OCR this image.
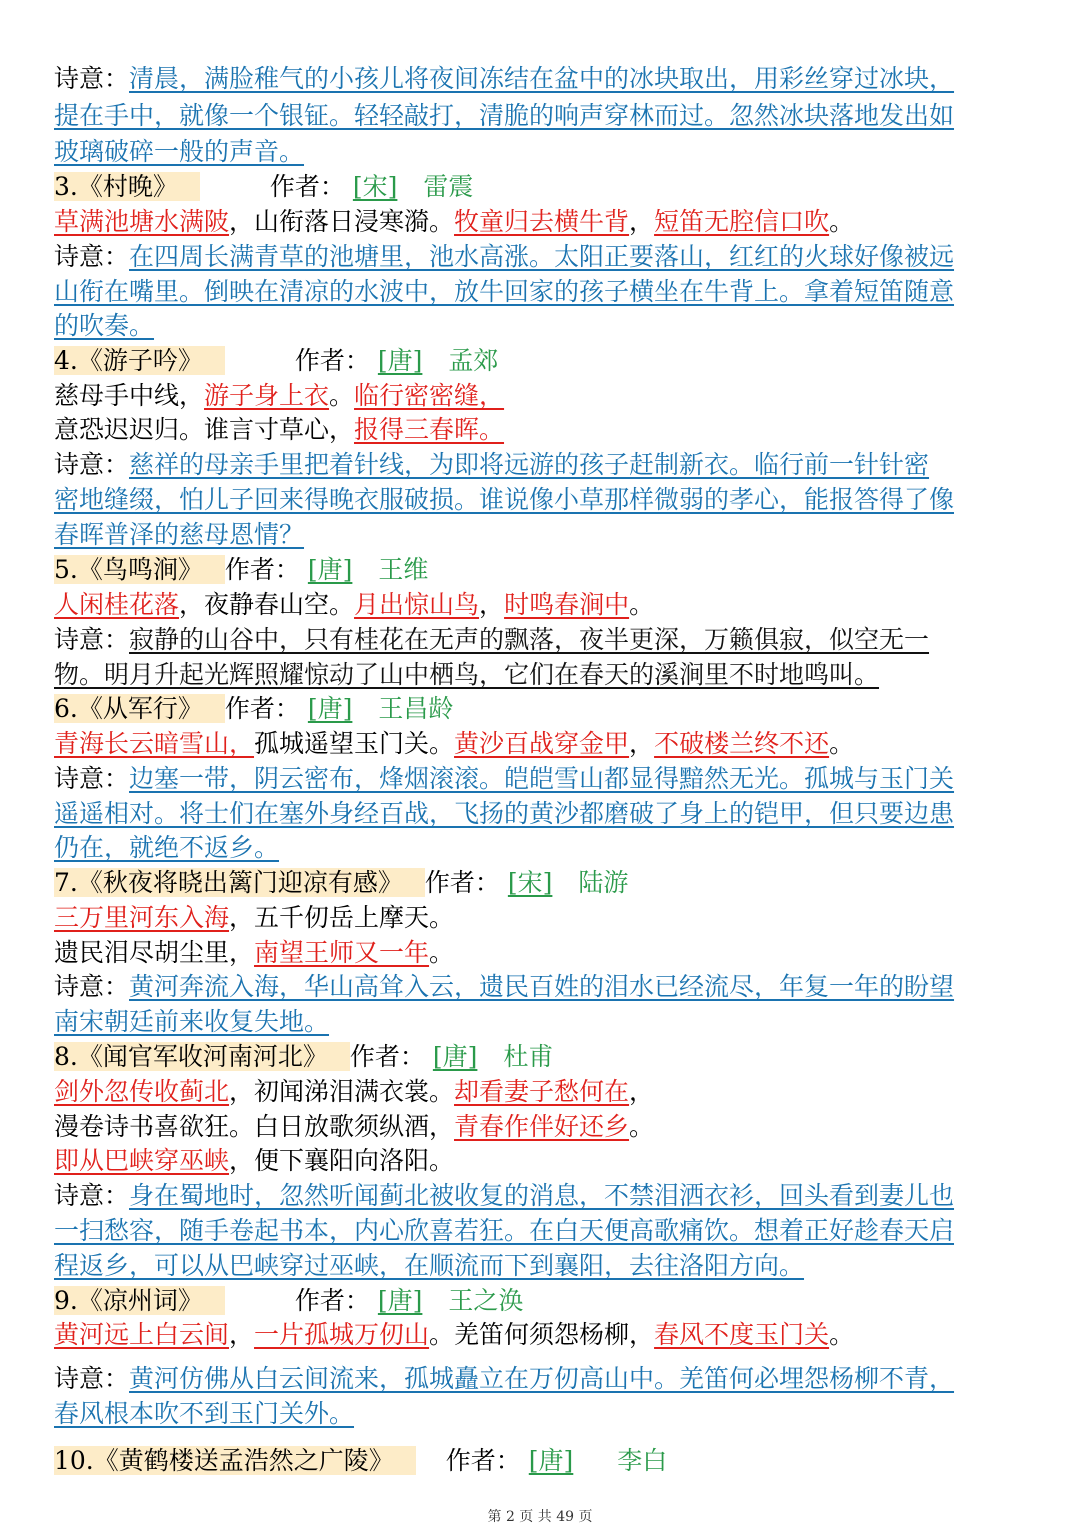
诗意：清晨，满脸稚气的小孩儿将夜间冻结在盆中的冰块取出，用彩丝穿过冰块，
提在手中，就像一个银钲。轻轻敲打，清脆的响声穿林而过。忽然冰块落地发出如
玻璃破碎一般的声音。
3.《村晚》	作者： [宋] 雷震
草满池塘水满陂，山衔落日浸寒漪。牧童归去横牛背，短笛无腔信口吹。
诗意：在四周长满青草的池塘里，池水高涨。太阳正要落山，红红的火球好像被远
山衔在嘴里。倒映在清凉的水波中，放牛回家的孩子横坐在牛背上。拿着短笛随意
的吹奏。
4.《游子吟》	作者： [唐] 孟郊
慈母手中线，游子身上衣。临行密密缝，
意恐迟迟归。谁言寸草心，报得三春晖。
诗意：慈祥的母亲手里把着针线，为即将远游的孩子赶制新衣。临行前一针针密
密地缝缀，怕儿子回来得晚衣服破损。谁说像小草那样微弱的孝心，能报答得了像
春晖普泽的慈母恩情？
5.《鸟鸣涧》 作者： [唐] 王维
人闲桂花落，夜静春山空。月出惊山鸟，时鸣春涧中。
诗意：寂静的山谷中，只有桂花在无声的飘落，夜半更深，万籁俱寂，似空无一
物。明月升起光辉照耀惊动了山中栖鸟，它们在春天的溪涧里不时地鸣叫。
6.《从军行》 作者： [唐] 王昌龄
青海长云暗雪山，孤城遥望玉门关。黄沙百战穿金甲，不破楼兰终不还。
诗意：边塞一带，阴云密布，烽烟滚滚。皑皑雪山都显得黯然无光。孤城与玉门关
遥遥相对。将士们在塞外身经百战，飞扬的黄沙都磨破了身上的铠甲，但只要边患
仍在，就绝不返乡。
7.《秋夜将晓出篱门迎凉有感》 作者： [宋] 陆游
三万里河东入海，五千仞岳上摩天。
遗民泪尽胡尘里，南望王师又一年。
诗意：黄河奔流入海，华山高耸入云，遗民百姓的泪水已经流尽，年复一年的盼望
南宋朝廷前来收复失地。
8.《闻官军收河南河北》 作者： [唐] 杜甫
剑外忽传收蓟北，初闻涕泪满衣裳。却看妻子愁何在，
漫卷诗书喜欲狂。白日放歌须纵酒，青春作伴好还乡。
即从巴峡穿巫峡，便下襄阳向洛阳。
诗意：身在蜀地时，忽然听闻蓟北被收复的消息，不禁泪洒衣衫，回头看到妻儿也
一扫愁容，随手卷起书本，内心欣喜若狂。在白天便高歌痛饮。想着正好趁春天启
程返乡，可以从巴峡穿过巫峡，在顺流而下到襄阳，去往洛阳方向。
9.《凉州词》	作者： [唐] 王之涣
黄河远上白云间，一片孤城万仞山。羌笛何须怨杨柳，春风不度玉门关。
诗意：黄河仿佛从白云间流来，孤城矗立在万仞高山中。羌笛何必埋怨杨柳不青，
春风根本吹不到玉门关外。
10.《黄鹤楼送孟浩然之广陵》 作者： [唐] 李白
第 2 页 共 49 页
